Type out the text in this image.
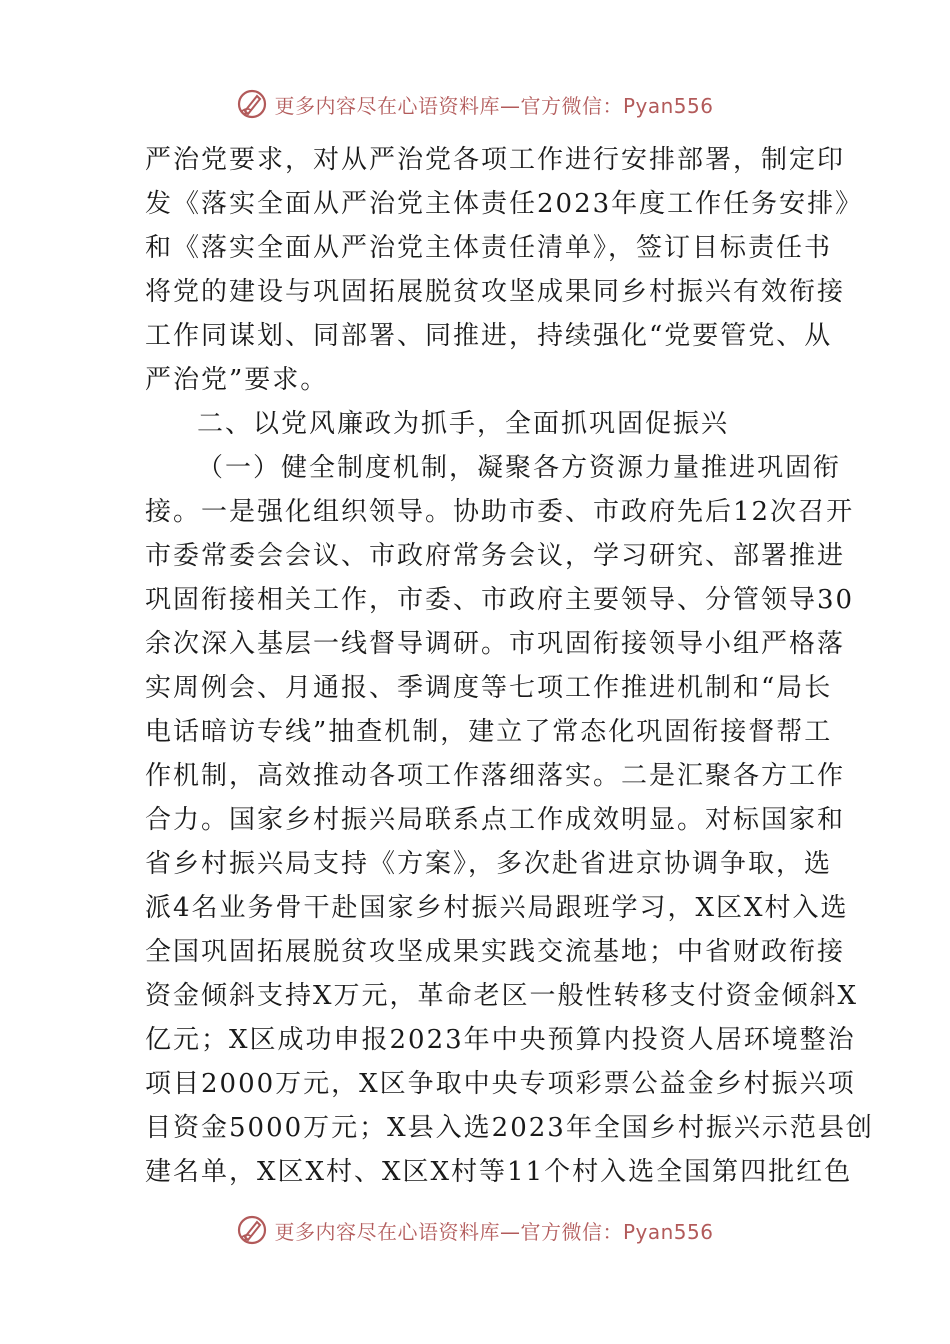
更多内容尽在心语资料库—官方微信：Pyan556
严治党要求，对从严治党各项工作进行安排部署，制定印
发《落实全面从严治党主体责任2023年度工作任务安排》
和《落实全面从严治党主体责任清单》，签订目标责任书
将党的建设与巩固拓展脱贫攻坚成果同乡村振兴有效衔接
工作同谋划、同部署、同推进，持续强化“党要管党、从
严治党”要求。
二、以党风廉政为抓手，全面抓巩固促振兴
（一）健全制度机制，凝聚各方资源力量推进巩固衔
接。一是强化组织领导。协助市委、市政府先后12次召开
市委常委会会议、市政府常务会议，学习研究、部署推进
巩固衔接相关工作，市委、市政府主要领导、分管领导30
余次深入基层一线督导调研。市巩固衔接领导小组严格落
实周例会、月通报、季调度等七项工作推进机制和“局长
电话暗访专线”抽查机制，建立了常态化巩固衔接督帮工
作机制，高效推动各项工作落细落实。二是汇聚各方工作
合力。国家乡村振兴局联系点工作成效明显。对标国家和
省乡村振兴局支持《方案》，多次赴省进京协调争取，选
派4名业务骨干赴国家乡村振兴局跟班学习，X区X村入选
全国巩固拓展脱贫攻坚成果实践交流基地；中省财政衔接
资金倾斜支持X万元，革命老区一般性转移支付资金倾斜X
亿元；X区成功申报2023年中央预算内投资人居环境整治
项目2000万元，X区争取中央专项彩票公益金乡村振兴项
目资金5000万元；X县入选2023年全国乡村振兴示范县创
建名单，X区X村、X区X村等11个村入选全国第四批红色
更多内容尽在心语资料库—官方微信：Pyan556
